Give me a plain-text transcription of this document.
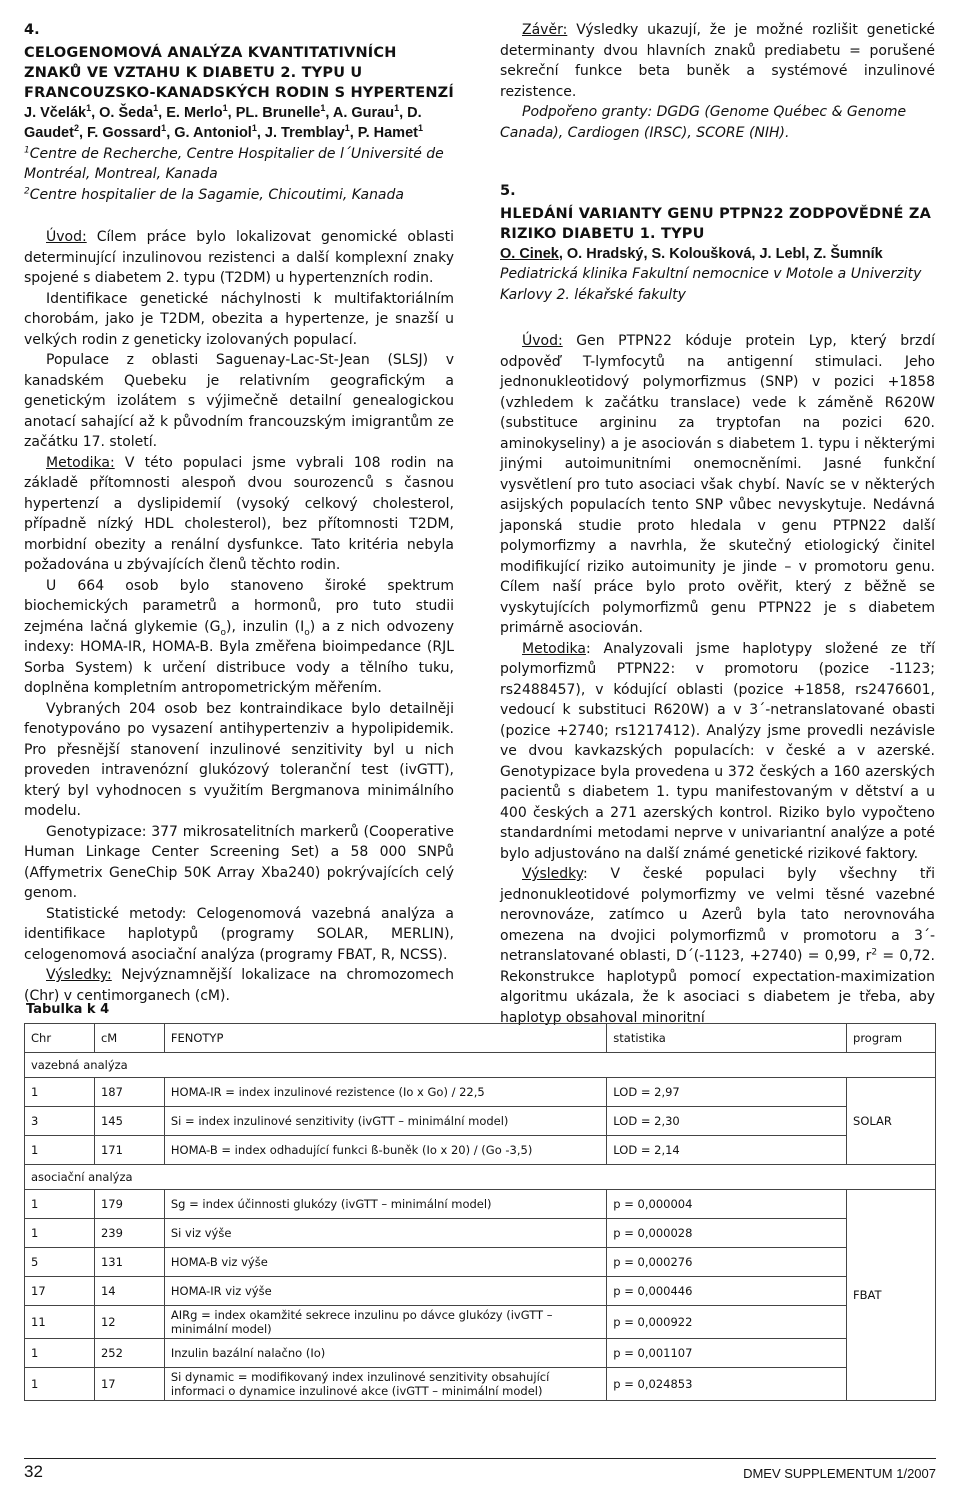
4.

CELOGENOMOVÁ ANALÝZA KVANTITATIVNÍCH ZNAKŮ VE VZTAHU K DIABETU 2. TYPU U FRANCOUZSKO-KANADSKÝCH RODIN S HYPERTENZÍ

J. Včelák$^1$, O. Šeda$^1$, E. Merlo$^1$, PL. Brunelle$^1$, A. Gurau$^1$, D. Gaudet$^2$, F. Gossard$^1$, G. Antoniol$^1$, J. Tremblay$^1$, P. Hamet$^1$

$^1$Centre de Recherche, Centre Hospitalier de l´Université de Montréal, Montreal, Kanada

$^2$Centre hospitalier de la Sagamie, Chicoutimi, Kanada

Úvod: Cílem práce bylo lokalizovat genomické oblasti determinující inzulinovou rezistenci a další komplexní znaky spojené s diabetem 2. typu (T2DM) u hypertenzních rodin.

Identifikace genetické náchylnosti k multifaktoriálním chorobám, jako je T2DM, obezita a hypertenze, je snazší u velkých rodin z geneticky izolovaných populací.

Populace z oblasti Saguenay-Lac-St-Jean (SLSJ) v kanadském Quebeku je relativním geografickým a genetickým izolátem s výjimečně detailní genealogickou anotací sahající až k původním francouzským imigrantům ze začátku 17. století.

Metodika: V této populaci jsme vybrali 108 rodin na základě přítomnosti alespoň dvou sourozenců s časnou hypertenzí a dyslipidemií (vysoký celkový cholesterol, případně nízký HDL cholesterol), bez přítomnosti T2DM, morbidní obezity a renální dysfunkce. Tato kritéria nebyla požadována u zbývajících členů těchto rodin.

U 664 osob bylo stanoveno široké spektrum biochemických parametrů a hormonů, pro tuto studii zejména lačná glykemie $(G_o)$, inzulin $(I_o)$ a z nich odvozeny indexy: HOMA-IR, HOMA-B. Byla změřena bioimpedance (RJL Sorba System) k určení distribuce vody a tělního tuku, doplněna kompletním antropometrickým měřením.

Vybraných 204 osob bez kontraindikace bylo detailněji fenotypováno po vysazení antihypertenziv a hypolipidemik. Pro přesnější stanovení inzulinové senzitivity byl u nich proveden intravenózní glukózový toleranční test (ivGTT), který byl vyhodnocen s využitím Bergmanova minimálního modelu.

Genotypizace: 377 mikrosatelitních markerů (Cooperative Human Linkage Center Screening Set) a 58 000 SNPů (Affymetrix GeneChip 50K Array Xba240) pokrývajících celý genom.

Statistické metody: Celogenomová vazebná analýza a identifikace haplotypů (programy SOLAR, MERLIN), celogenomová asociační analýza (programy FBAT, R, NCSS).

Výsledky: Nejvýznamnější lokalizace na chromozomech (Chr) v centimorganech (cM).

Závěr: Výsledky ukazují, že je možné rozlišit genetické determinanty dvou hlavních znaků prediabetu = porušené sekreční funkce beta buněk a systémové inzulinové rezistence.

Podpořeno granty: DGDG (Genome Québec & Genome Canada), Cardiogen (IRSC), SCORE (NIH).

5.

HLEDÁNÍ VARIANTY GENU PTPN22 ZODPOVĚDNÉ ZA RIZIKO DIABETU 1. TYPU

O. Cinek, O. Hradský, S. Koloušková, J. Lebl, Z. Šumník

Pediatrická klinika Fakultní nemocnice v Motole a Univerzity Karlovy 2. lékařské fakulty

Úvod: Gen PTPN22 kóduje protein Lyp, který brzdí odpověď T-lymfocytů na antigenní stimulaci. Jeho jednonukleotidový polymorfizmus (SNP) v pozici +1858 (vzhledem k začátku translace) vede k záměně R620W (substituce argininu za tryptofan na pozici 620. aminokyseliny) a je asociován s diabetem 1. typu i některými jinými autoimunitními onemocněními. Jasné funkční vysvětlení pro tuto asociaci však chybí. Navíc se v některých asijských populacích tento SNP vůbec nevyskytuje. Nedávná japonská studie proto hledala v genu PTPN22 další polymorfizmy a navrhla, že skutečný etiologický činitel modifikující riziko autoimunity je jinde – v promotoru genu. Cílem naší práce bylo proto ověřit, který z běžně se vyskytujících polymorfizmů genu PTPN22 je s diabetem primárně asociován.

Metodika: Analyzovali jsme haplotypy složené ze tří polymorfizmů PTPN22: v promotoru (pozice -1123; rs2488457), v kódující oblasti (pozice +1858, rs2476601, vedoucí k substituci R620W) a v 3´-netranslatované obasti (pozice +2740; rs1217412). Analýzy jsme provedli nezávisle ve dvou kavkazských populacích: v české a v azerské. Genotypizace byla provedena u 372 českých a 160 azerských pacientů s diabetem 1. typu manifestovaným v dětství a u 400 českých a 271 azerských kontrol. Riziko bylo vypočteno standardními metodami neprve v univariantní analýze a poté bylo adjustováno na další známé genetické rizikové faktory.

Výsledky: V české populaci byly všechny tři jednonukleotidové polymorfizmy ve velmi těsné vazebné nerovnováze, zatímco u Azerů byla tato nerovnováha omezena na dvojici polymorfizmů v promotoru a 3´-netranslatované oblasti, D´(-1123, +2740) = 0,99, $r^2 = 0,72$. Rekonstrukce haplotypů pomocí expectation-maximization algoritmu ukázala, že k asociaci s diabetem je třeba, aby haplotyp obsahoval minoritní

Tabulka k 4

Chr	cM	FENOTYP	statistika	program
vazebná analýza				
1	187	HOMA-IR = index inzulinové rezistence (Io x Go) / 22,5	LOD = 2,97	SOLAR
3	145	Si = index inzulinové senzitivity (ivGTT – minimální model)	LOD = 2,30	
1	171	HOMA-B = index odhadující funkci ß-buněk (Io x 20) / (Go -3,5)	LOD = 2,14	
asociační analýza				
1	179	Sg = index účinnosti glukózy (ivGTT – minimální model)	p = 0,000004	FBAT
1	239	Si viz výše	p = 0,000028	
5	131	HOMA-B viz výše	p = 0,000276	
17	14	HOMA-IR viz výše	p = 0,000446	
11	12	AIRg = index okamžité sekrece inzulinu po dávce glukózy (ivGTT – minimální model)	p = 0,000922	
1	252	Inzulin bazální nalačno (Io)	p = 0,001107	
1	17	Si dynamic = modifikovaný index inzulinové senzitivity obsahující informaci o dynamice inzulinové akce (ivGTT – minimální model)	p = 0,024853	
32	DMEV SUPPLEMENTUM 1/2007
